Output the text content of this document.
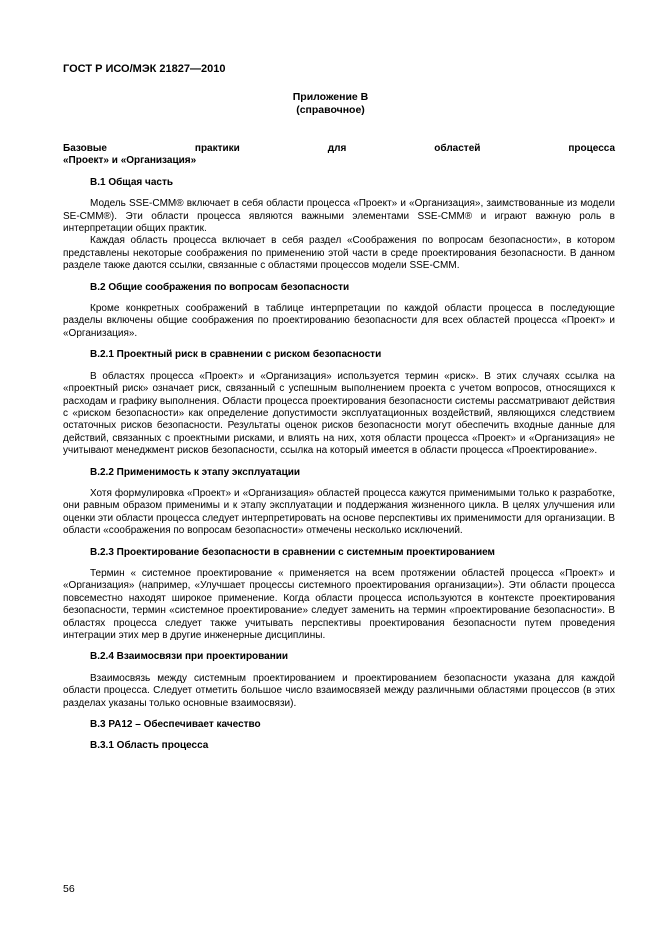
ГОСТ Р ИСО/МЭК 21827—2010
Приложение В
(справочное)
Базовые	практики	для	областей	процесса
«Проект» и «Организация»
В.1 Общая часть

Модель SSE-CMM® включает в себя области процесса «Проект» и «Организация», заимствованные из модели SE-CMM®). Эти области процесса являются важными элементами SSE-CMM® и играют важную роль в интерпретации общих практик.

Каждая область процесса включает в себя раздел «Соображения по вопросам безопасности», в котором представлены некоторые соображения по применению этой части в среде проектирования безопасности. В данном разделе также даются ссылки, связанные с областями процессов модели SSE-CMM.

В.2 Общие соображения по вопросам безопасности

Кроме конкретных соображений в таблице интерпретации по каждой области процесса в последующие разделы включены общие соображения по проектированию безопасности для всех областей процесса «Проект» и «Организация».

В.2.1 Проектный риск в сравнении с риском безопасности

В областях процесса «Проект» и «Организация» используется термин «риск». В этих случаях ссылка на «проектный риск» означает риск, связанный с успешным выполнением проекта с учетом вопросов, относящихся к расходам и графику выполнения. Области процесса проектирования безопасности системы рассматривают действия с «риском безопасности» как определение допустимости эксплуатационных воздействий, являющихся следствием остаточных рисков безопасности. Результаты оценок рисков безопасности могут обеспечить входные данные для действий, связанных с проектными рисками, и влиять на них, хотя области процесса «Проект» и «Организация» не учитывают менеджмент рисков безопасности, ссылка на который имеется в области процесса «Проектирование».

В.2.2 Применимость к этапу эксплуатации

Хотя формулировка «Проект» и «Организация» областей процесса кажутся применимыми только к разработке, они равным образом применимы и к этапу эксплуатации и поддержания жизненного цикла. В целях улучшения или оценки эти области процесса следует интерпретировать на основе перспективы их применимости для организации. В области «соображения по вопросам безопасности» отмечены несколько исключений.

В.2.3 Проектирование безопасности в сравнении с системным проектированием

Термин « системное проектирование « применяется на всем протяжении областей процесса «Проект» и «Организация» (например, «Улучшает процессы системного проектирования организации»). Эти области процесса повсеместно находят широкое применение. Когда области процесса используются в контексте проектирования безопасности, термин «системное проектирование» следует заменить на термин «проектирование безопасности». В областях процесса следует также учитывать перспективы проектирования безопасности путем проведения интеграции этих мер в другие инженерные дисциплины.

В.2.4 Взаимосвязи при проектировании

Взаимосвязь между системным проектированием и проектированием безопасности указана для каждой области процесса. Следует отметить большое число взаимосвязей между различными областями процессов (в этих разделах указаны только основные взаимосвязи).

В.3 РА12 – Обеспечивает качество
В.3.1 Область процесса
56
